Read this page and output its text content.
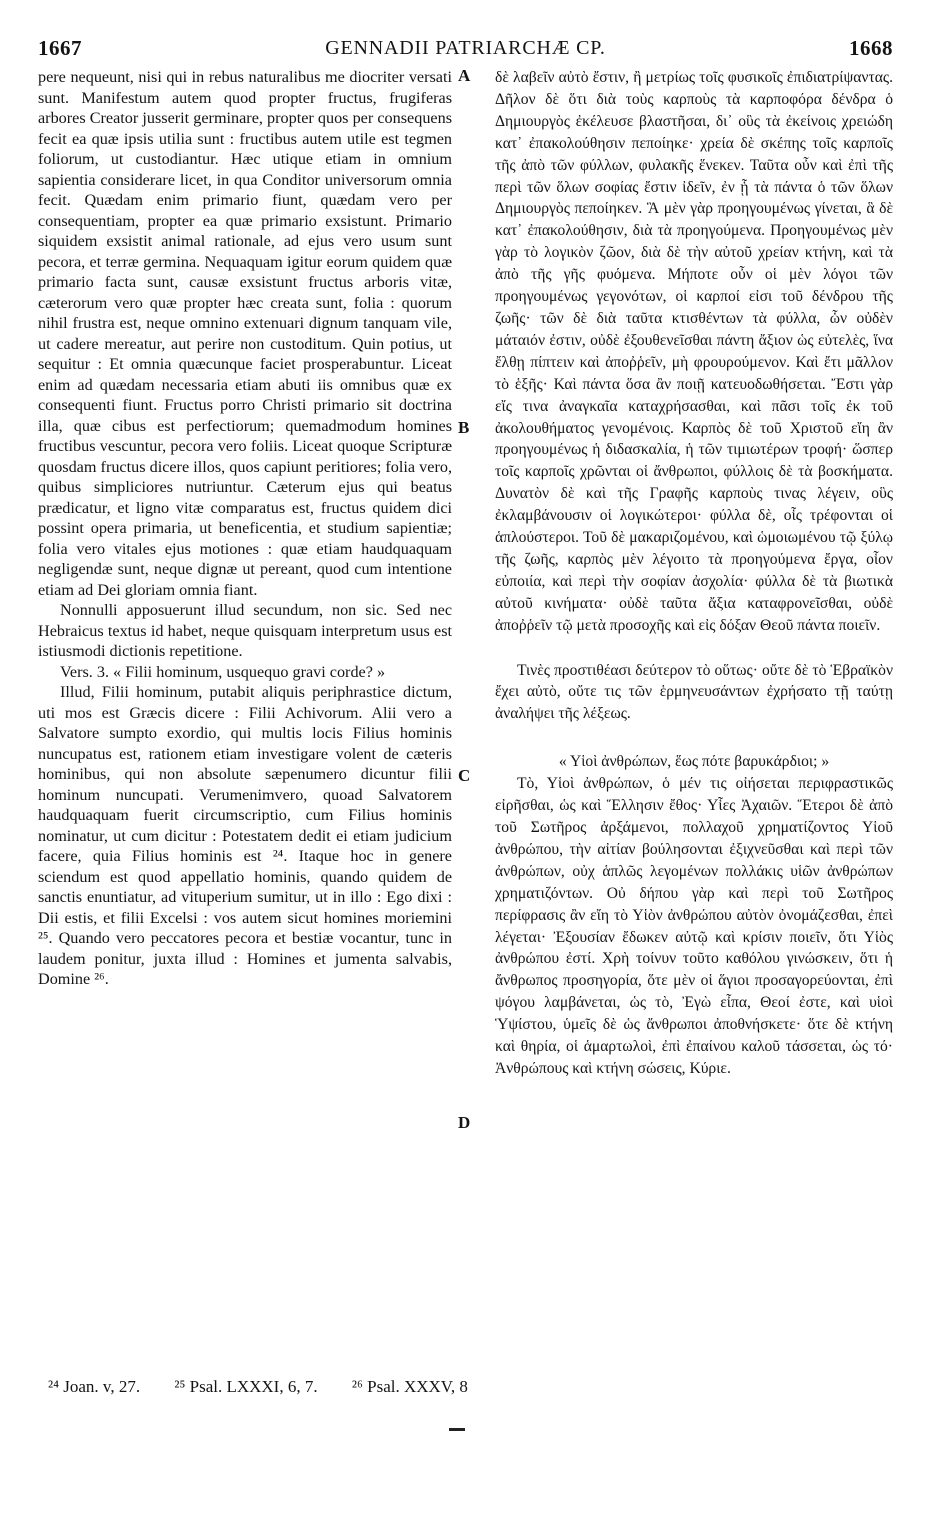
1667	GENNADII PATRIARCHÆ CP.	1668

pere nequeunt, nisi qui in rebus naturalibus me diocriter versati sunt. Manifestum autem quod propter fructus, frugiferas arbores Creator jusserit germinare, propter quos per consequens fecit ea quæ ipsis utilia sunt : fructibus autem utile est tegmen foliorum, ut custodiantur. Hæc utique etiam in omnium sapientia considerare licet, in qua Conditor universorum omnia fecit. Quædam enim primario fiunt, quædam vero per consequentiam, propter ea quæ primario exsistunt. Primario siquidem exsistit animal rationale, ad ejus vero usum sunt pecora, et terræ germina. Nequaquam igitur eorum quidem quæ primario facta sunt, causæ exsistunt fructus arboris vitæ, cæterorum vero quæ propter hæc creata sunt, folia : quorum nihil frustra est, neque omnino extenuari dignum tanquam vile, ut cadere mereatur, aut perire non custoditum. Quin potius, ut sequitur : Et omnia quæcunque faciet prosperabuntur. Liceat enim ad quædam necessaria etiam abuti iis omnibus quæ ex consequenti fiunt. Fructus porro Christi primario sit doctrina illa, quæ cibus est perfectiorum; quemadmodum homines fructibus vescuntur, pecora vero foliis. Liceat quoque Scripturæ quosdam fructus dicere illos, quos capiunt peritiores; folia vero, quibus simpliciores nutriuntur. Cæterum ejus qui beatus prædicatur, et ligno vitæ comparatus est, fructus quidem dici possint opera primaria, ut beneficentia, et studium sapientiæ; folia vero vitales ejus motiones : quæ etiam haudquaquam negligendæ sunt, neque dignæ ut pereant, quod cum intentione etiam ad Dei gloriam omnia fiant.

Nonnulli apposuerunt illud secundum, non sic. Sed nec Hebraicus textus id habet, neque quisquam interpretum usus est istiusmodi dictionis repetitione.

Vers. 3. « Filii hominum, usquequo gravi corde? »

Illud, Filii hominum, putabit aliquis periphrastice dictum, uti mos est Græcis dicere : Filii Achivorum. Alii vero a Salvatore sumpto exordio, qui multis locis Filius hominis nuncupatus est, rationem etiam investigare volent de cæteris hominibus, qui non absolute sæpenumero dicuntur filii hominum nuncupati. Verumenimvero, quoad Salvatorem haudquaquam fuerit circumscriptio, cum Filius hominis nominatur, ut cum dicitur : Potestatem dedit ei etiam judicium facere, quia Filius hominis est ²⁴. Itaque hoc in genere sciendum est quod appellatio hominis, quando quidem de sanctis enuntiatur, ad vituperium sumitur, ut in illo : Ego dixi : Dii estis, et filii Excelsi : vos autem sicut homines moriemini ²⁵. Quando vero peccatores pecora et bestiæ vocantur, tunc in laudem ponitur, juxta illud : Homines et jumenta salvabis, Domine ²⁶.

δὲ λαβεῖν αὐτὸ ἔστιν, ἢ μετρίως τοῖς φυσικοῖς ἐπιδιατρίψαντας. Δῆλον δὲ ὅτι διὰ τοὺς καρποὺς τὰ καρποφόρα δένδρα ὁ Δημιουργὸς ἐκέλευσε βλαστῆσαι, δι᾽ οὓς τὰ ἐκείνοις χρειώδη κατ᾽ ἐπακολούθησιν πεποίηκε· χρεία δὲ σκέπης τοῖς καρποῖς τῆς ἀπὸ τῶν φύλλων, φυλακῆς ἕνεκεν. Ταῦτα οὖν καὶ ἐπὶ τῆς περὶ τῶν ὅλων σοφίας ἔστιν ἰδεῖν, ἐν ᾗ τὰ πάντα ὁ τῶν ὅλων Δημιουργὸς πεποίηκεν. Ἃ μὲν γὰρ προηγουμένως γίνεται, ἃ δὲ κατ᾽ ἐπακολούθησιν, διὰ τὰ προηγούμενα. Προηγουμένως μὲν γὰρ τὸ λογικὸν ζῶον, διὰ δὲ τὴν αὐτοῦ χρείαν κτήνη, καὶ τὰ ἀπὸ τῆς γῆς φυόμενα. Μήποτε οὖν οἱ μὲν λόγοι τῶν προηγουμένως γεγονότων, οἱ καρποί εἰσι τοῦ δένδρου τῆς ζωῆς· τῶν δὲ διὰ ταῦτα κτισθέντων τὰ φύλλα, ὧν οὐδὲν μάταιόν ἐστιν, οὐδὲ ἐξουθενεῖσθαι πάντη ἄξιον ὡς εὐτελὲς, ἵνα ἔλθῃ πίπτειν καὶ ἀποῤῥεῖν, μὴ φρουρούμενον. Καὶ ἔτι μᾶλλον τὸ ἑξῆς· Καὶ πάντα ὅσα ἂν ποιῇ κατευοδωθήσεται. Ἔστι γὰρ εἴς τινα ἀναγκαῖα καταχρήσασθαι, καὶ πᾶσι τοῖς ἐκ τοῦ ἀκολουθήματος γενομένοις. Καρπὸς δὲ τοῦ Χριστοῦ εἴη ἂν προηγουμένως ἡ διδασκαλία, ἡ τῶν τιμιωτέρων τροφή· ὥσπερ τοῖς καρποῖς χρῶνται οἱ ἄνθρωποι, φύλλοις δὲ τὰ βοσκήματα. Δυνατὸν δὲ καὶ τῆς Γραφῆς καρποὺς τινας λέγειν, οὓς ἐκλαμβάνουσιν οἱ λογικώτεροι· φύλλα δὲ, οἷς τρέφονται οἱ ἁπλούστεροι. Τοῦ δὲ μακαριζομένου, καὶ ὡμοιωμένου τῷ ξύλῳ τῆς ζωῆς, καρπὸς μὲν λέγοιτο τὰ προηγούμενα ἔργα, οἷον εὐποιία, καὶ περὶ τὴν σοφίαν ἀσχολία· φύλλα δὲ τὰ βιωτικὰ αὐτοῦ κινήματα· οὐδὲ ταῦτα ἄξια καταφρονεῖσθαι, οὐδὲ ἀποῤῥεῖν τῷ μετὰ προσοχῆς καὶ εἰς δόξαν Θεοῦ πάντα ποιεῖν.

Τινὲς προστιθέασι δεύτερον τὸ οὕτως· οὔτε δὲ τὸ Ἑβραϊκὸν ἔχει αὐτὸ, οὔτε τις τῶν ἑρμηνευσάντων ἐχρήσατο τῇ ταύτῃ ἀναλήψει τῆς λέξεως.

« Υἱοὶ ἀνθρώπων, ἕως πότε βαρυκάρδιοι; »

Τὸ, Υἱοὶ ἀνθρώπων, ὁ μέν τις οἰήσεται περιφραστικῶς εἰρῆσθαι, ὡς καὶ Ἕλλησιν ἔθος· Υἷες Ἀχαιῶν. Ἕτεροι δὲ ἀπὸ τοῦ Σωτῆρος ἀρξάμενοι, πολλαχοῦ χρηματίζοντος Υἱοῦ ἀνθρώπου, τὴν αἰτίαν βούλησονται ἐξιχνεῦσθαι καὶ περὶ τῶν ἀνθρώπων, οὐχ ἁπλῶς λεγομένων πολλάκις υἱῶν ἀνθρώπων χρηματιζόντων. Οὐ δήπου γὰρ καὶ περὶ τοῦ Σωτῆρος περίφρασις ἂν εἴη τὸ Υἱὸν ἀνθρώπου αὐτὸν ὀνομάζεσθαι, ἐπεὶ λέγεται· Ἐξουσίαν ἔδωκεν αὐτῷ καὶ κρίσιν ποιεῖν, ὅτι Υἱὸς ἀνθρώπου ἐστί. Χρὴ τοίνυν τοῦτο καθόλου γινώσκειν, ὅτι ἡ ἄνθρωπος προσηγορία, ὅτε μὲν οἱ ἅγιοι προσαγορεύονται, ἐπὶ ψόγου λαμβάνεται, ὡς τὸ, Ἐγὼ εἶπα, Θεοί ἐστε, καὶ υἱοὶ Ὑψίστου, ὑμεῖς δὲ ὡς ἄνθρωποι ἀποθνήσκετε· ὅτε δὲ κτήνη καὶ θηρία, οἱ ἁμαρτωλοὶ, ἐπὶ ἐπαίνου καλοῦ τάσσεται, ὡς τό· Ἀνθρώπους καὶ κτήνη σώσεις, Κύριε.

A
B
C
D
²⁴ Joan. v, 27. ²⁵ Psal. LXXXI, 6, 7. ²⁶ Psal. XXXV, 8
